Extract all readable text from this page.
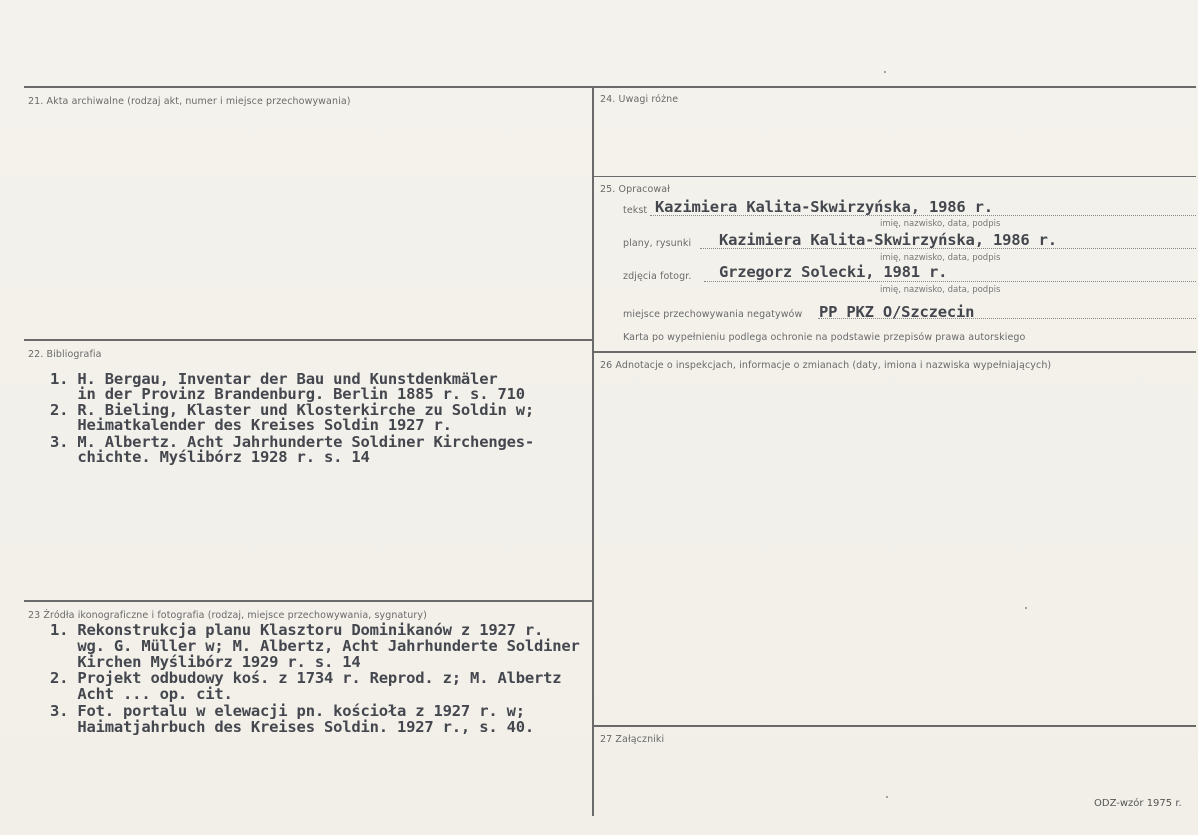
21. Akta archiwalne (rodzaj akt, numer i miejsce przechowywania)
22. Bibliografia
23 Źródła ikonograficzne i fotografia (rodzaj, miejsce przechowywania, sygnatury)
24. Uwagi różne
25. Opracował
26 Adnotacje o inspekcjach, informacje o zmianach (daty, imiona i nazwiska wypełniających)
27 Załączniki
tekst Kazimiera Kalita-Skwirzyńska, 1986 r.
imię, nazwisko, data, podpis
plany, rysunki Kazimiera Kalita-Skwirzyńska, 1986 r.
imię, nazwisko, data, podpis
zdjęcia fotogr. Grzegorz Solecki, 1981 r.
imię, nazwisko, data, podpis
miejsce przechowywania negatywów PP PKZ O/Szczecin
Karta po wypełnieniu podlega ochronie na podstawie przepisów prawa autorskiego
1. H. Bergau, Inventar der Bau und Kunstdenkmäler
in der Provinz Brandenburg. Berlin 1885 r. s. 710
2. R. Bieling, Klaster und Klosterkirche zu Soldin w;
Heimatkalender des Kreises Soldin 1927 r.
3. M. Albertz. Acht Jahrhunderte Soldiner Kirchenges-
chichte. Myślibórz 1928 r. s. 14
1. Rekonstrukcja planu Klasztoru Dominikanów z 1927 r.
wg. G. Müller w; M. Albertz, Acht Jahrhunderte Soldiner
Kirchen Myślibórz 1929 r. s. 14
2. Projekt odbudowy koś. z 1734 r. Reprod. z; M. Albertz
Acht ... op. cit.
3. Fot. portalu w elewacji pn. kościoła z 1927 r. w;
Haimatjahrbuch des Kreises Soldin. 1927 r., s. 40.
ODZ-wzór 1975 r.
